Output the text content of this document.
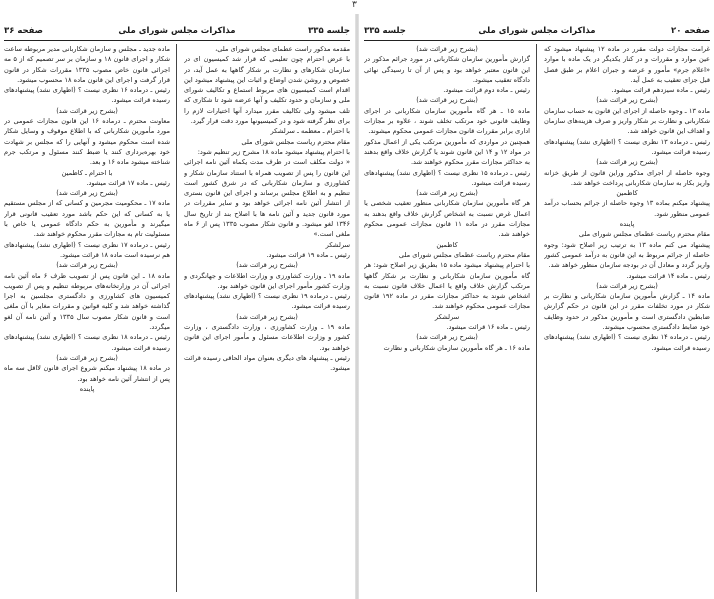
۳
جلسه ۳۳۵
مذاکرات مجلس شورای ملی
صفحه ۳۶

مقدمه مذکور راست عطمای مجلس شورای ملی،

با عرض احترام چون تعلیمی که قرار شد کمیسیون ای در سازمان شکارهای و نظارت بر شکار گاهها به عمل آید، در خصوص و روشن شدن اوضاع و اثبات این پیشنهاد میشود این اقدام است کمیسیون های مربوط استماع و تکالیف شورای ملی و سازمان و حدود تکلیف و آنها عرضه شود تا شکاری که تلف میشود ولی تکالیف مقرر میدارد آنها اختیارات لازم را برای نظر گرفته شود و در کمیسیونها مورد دقت قرار گیرد.

با احترام ـ معظمه ـ سرلشکر

مقام محترم ریاست مجلس شورای ملی

با احترام پیشنهاد میشود ماده ۱۸ مشرح زیر تنظیم شود:

« دولت مکلف است در ظرف مدت یکماه آئین نامه اجرائی این قانون را پس از تصویب همراه با استناد سازمان شکار و کشاورزی و سازمان شکاربانی که در شرق کشور است تنظیم و به اطلاع مجلس برساند و اجرای این قانون بستری از انتشار آئین نامه اجرائی خواهد بود و سایر مقررات در مورد قانون جدید و آئین نامه ها با اصلاح بند از تاریخ سال ۱۳۴۶ لغو میشود. و قانون شکار مصوب ۱۳۳۵ پس از ۶ ماه ملغی است.»

سرلشکر

رئیس ـ ماده ۱۹ قرائت میشود.

(بشرح زیر قرائت شد)

ماده ۱۹ ـ وزارت کشاورزی و وزارت اطلاعات و جهانگردی و وزارت کشور مأمور اجرای این قانون خواهند بود.

رئیس ـ درماده ۱۹ نظری نیست ؟ (اظهاری نشد) پیشنهادهای رسیده قرائت میشود.

(بشرح زیر قرائت شد)

ماده ۱۹ ـ وزارت کشاورزی ، وزارت دادگستری ، وزارت کشور و وزارت اطلاعات مسئول و مأمور اجرای این قانون خواهند بود.

رئیس ـ پیشنهاد های دیگری بعنوان مواد الحاقی رسیده قرائت میشود.

ماده جدید ـ مجلس و سازمان شکاربانی مدیر مربوطه ساعت شکار و اجرای قانون ۱۸ و سازمان بر سر تصمیم که از ۵ مه اجرائی قانون خاص مصوب ۱۳۳۵ مقررات شکار در قانون قرار گرفت و اجرای این قانون ماده ۱۸ محسوب میشود.

رئیس ـ درماده ۱۶ نظری نیست ؟ (اظهاری نشد) پیشنهادهای رسیده قرائت میشود.

(بشرح زیر قرائت شد)

معاونت محترم ـ درماده ۱۶ این قانون مجازات عمومی در مورد مأمورین شکاربانی که با اطلاع موقوف و وسایل شکار شده است محکوم میشود و آنهایی را که مجلس بر شهادت خود بهره‌برداری کنند یا ضبط کنند مسئول و مرتکب جرم شناخته میشود ماده ۱۶ و بعد.

با احترام ـ کاظمین

رئیس ـ ماده ۱۷ قرائت میشود.

(بشرح زیر قرائت شد)

ماده ۱۷ ـ محکومیت مجرمین و کسانی که از مجلس مستقیم یا به کسانی که این حکم باشد مورد تعقیب قانونی قرار میگیرند و مأمورین به حکم دادگاه عمومی یا خاص با مسئولیت تام به مجازات مقرر محکوم خواهند شد.

رئیس ـ درماده ۱۷ نظری نیست ؟ (اظهاری نشد) پیشنهادهای هم نرسیده است ماده ۱۸ قرائت میشود.

(بشرح زیر قرائت شد)

ماده ۱۸ ـ این قانون پس از تصویب ظرف ۶ ماه آئین نامه اجرائی آن در وزارتخانه‌های مربوطه تنظیم و پس از تصویب کمیسیون های کشاورزی و دادگستری مجلسین به اجرا گذاشته خواهد شد و کلیه قوانین و مقررات مغایر با آن ملغی است و قانون شکار مصوب سال ۱۳۳۵ و آئین نامه آن لغو میگردد.

رئیس ـ درماده ۱۸ نظری نیست ؟ (اظهاری نشد) پیشنهادهای رسیده قرائت میشود.

(بشرح زیر قرائت شد)

در ماده ۱۸ پیشنهاد میکنم شروع اجرای قانون لااقل سه ماه پس از انتشار آئین نامه خواهد بود.

پاینده

صفحه ۲۰
مذاکرات مجلس شورای ملی
جلسه ۳۳۵

غرامت مجازات دولت مقرر در ماده ۱۲ پیشنهاد میشود که عین موارد و مقررات و در کنار یکدیگر در یک ماده با موارد «اعلام جرم» مأمور و عرضه و جبران اعلام بر طبق فصل قبل جزای تعقیب به عمل آید.

رئیس ـ ماده سیزدهم قرائت میشود.

(بشرح زیر قرائت شد)

ماده ۱۳ ـ وجوه حاصله از اجرای این قانون به حساب سازمان شکاربانی و نظارت بر شکار واریز و صرف هزینه‌های سازمان و اهداف این قانون خواهد شد.

رئیس ـ درماده ۱۳ نظری نیست ؟ (اظهاری نشد) پیشنهادهای رسیده قرائت میشود.

(بشرح زیر قرائت شد)

وجوه حاصله از اجرای مذکور وراین قانون از طریق خزانه واریز بکار به سازمان شکاربانی پرداخت خواهد شد.

کاظمین

پیشنهاد میکنم بماده ۱۳ وجوه حاصله از جرائم بحساب درآمد عمومی منظور شود.

پاینده

مقام محترم ریاست عظمای مجلس شورای ملی

پیشنهاد می کنم ماده ۱۳ به ترتیب زیر اصلاح شود: وجوه حاصله از جرائم مربوط به این قانون به درآمد عمومی کشور واریز گردد و معادل آن در بودجه سازمان منظور خواهد شد.

رئیس ـ ماده ۱۴ قرائت میشود.

(بشرح زیر قرائت شد)

ماده ۱۴ ـ گزارش مأمورین سازمان شکاربانی و نظارت بر شکار در مورد تخلفات مقرر در این قانون در حکم گزارش ضابطین دادگستری است و مأمورین مذکور در حدود وظایف خود ضابط دادگستری محسوب میشوند.

رئیس ـ درماده ۱۴ نظری نیست ؟ (اظهاری نشد) پیشنهادهای رسیده قرائت میشود.

(بشرح زیر قرائت شد)

گزارش مأمورین سازمان شکاربانی در مورد جرائم مذکور در این قانون معتبر خواهد بود و پس از آن تا رسیدگی نهائی دادگاه تعقیب میشود.

رئیس ـ ماده دوم قرائت میشود.

(بشرح زیر قرائت شد)

ماده ۱۵ ـ هر گاه مأمورین سازمان شکاربانی در اجرای وظایف قانونی خود مرتکب تخلف شوند ، علاوه بر مجازات اداری برابر مقررات قانون مجازات عمومی محکوم میشوند.

همچنین در مواردی که مأمورین مرتکب یکی از اعمال مذکور در مواد ۱۲ و ۱۴ این قانون شوند یا گزارش خلاف واقع بدهند به حداکثر مجازات مقرر محکوم خواهند شد.

رئیس ـ درماده ۱۵ نظری نیست ؟ (اظهاری نشد) پیشنهادهای رسیده قرائت میشود.

(بشرح زیر قرائت شد)

هر گاه مأمورین سازمان شکاربانی منظور تعقیب شخصی یا اعمال غرض نسبت به اشخاص گزارش خلاف واقع بدهند به مجازات مقرر در ماده ۱۱ قانون مجازات عمومی محکوم خواهند شد.

کاظمین

مقام محترم ریاست عظمای مجلس شورای ملی

با احترام پیشنهاد میشود ماده ۱۵ بطریق زیر اصلاح شود: هر گاه مأمورین سازمان شکاربانی و نظارت بر شکار گاهها مرتکب گزارش خلاف واقع یا اعمال خلاف قانون نسبت به اشخاص شوند به حداکثر مجازات مقرر در ماده ۱۹۲ قانون مجازات عمومی محکوم خواهند شد.

سرلشکر

رئیس ـ ماده ۱۶ قرائت میشود.

(بشرح زیر قرائت شد)

ماده ۱۶ ـ هر گاه مأمورین سازمان شکاربانی و نظارت
